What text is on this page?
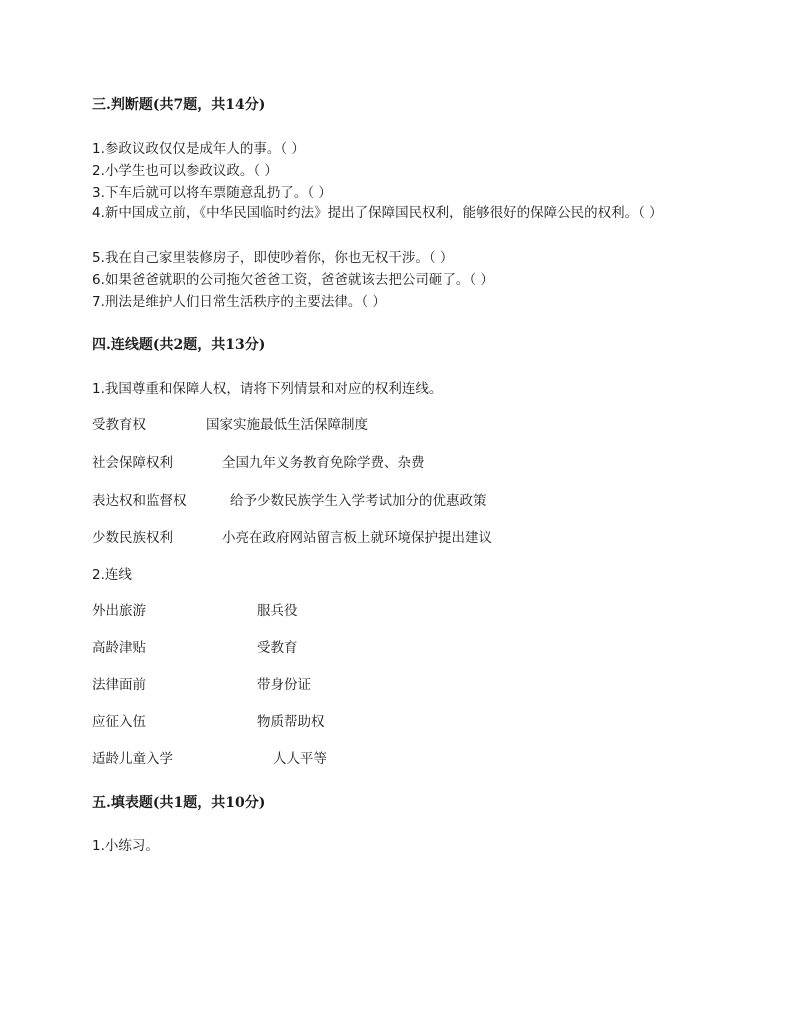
三.判断题(共7题，共14分)
1.参政议政仅仅是成年人的事。（ ）
2.小学生也可以参政议政。（ ）
3.下车后就可以将车票随意乱扔了。（ ）
4.新中国成立前，《中华民国临时约法》提出了保障国民权利，能够很好的保障公民的权利。（ ）
5.我在自己家里装修房子，即使吵着你，你也无权干涉。（ ）
6.如果爸爸就职的公司拖欠爸爸工资，爸爸就该去把公司砸了。（ ）
7.刑法是维护人们日常生活秩序的主要法律。（ ）
四.连线题(共2题，共13分)
1.我国尊重和保障人权，请将下列情景和对应的权利连线。
受教育权	国家实施最低生活保障制度
社会保障权利	全国九年义务教育免除学费、杂费
表达权和监督权	给予少数民族学生入学考试加分的优惠政策
少数民族权利	小亮在政府网站留言板上就环境保护提出建议
2.连线
外出旅游	服兵役
高龄津贴	受教育
法律面前	带身份证
应征入伍	物质帮助权
适龄儿童入学	人人平等
五.填表题(共1题，共10分)
1.小练习。
